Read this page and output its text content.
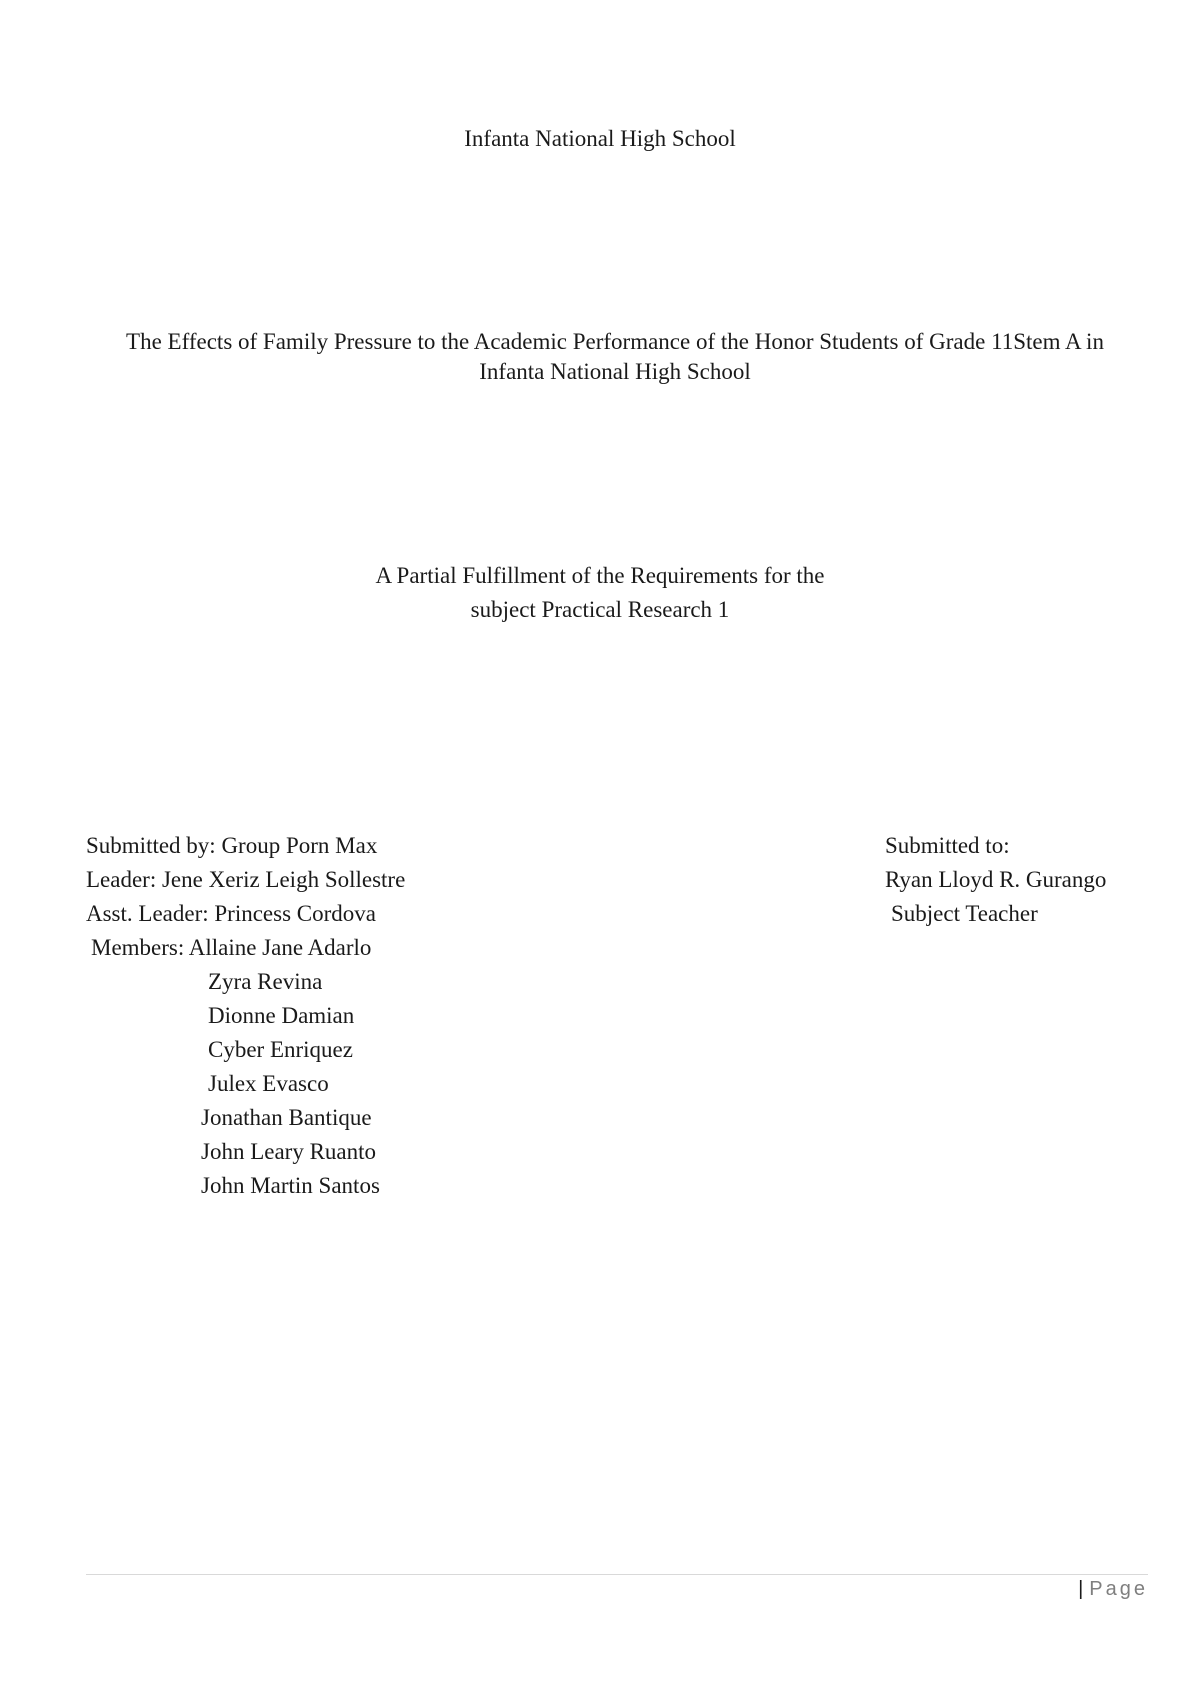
Infanta National High School
The Effects of Family Pressure to the Academic Performance of the Honor Students of Grade 11Stem A in
Infanta National High School
A Partial Fulfillment of the Requirements for the
subject Practical Research 1
Submitted by: Group Porn Max
Leader: Jene Xeriz Leigh Sollestre
Asst. Leader: Princess Cordova
Members: Allaine Jane Adarlo
Zyra Revina
Dionne Damian
Cyber Enriquez
Julex Evasco
Jonathan Bantique
John Leary Ruanto
John Martin Santos
Submitted to:
Ryan Lloyd R. Gurango
Subject Teacher
| Page
